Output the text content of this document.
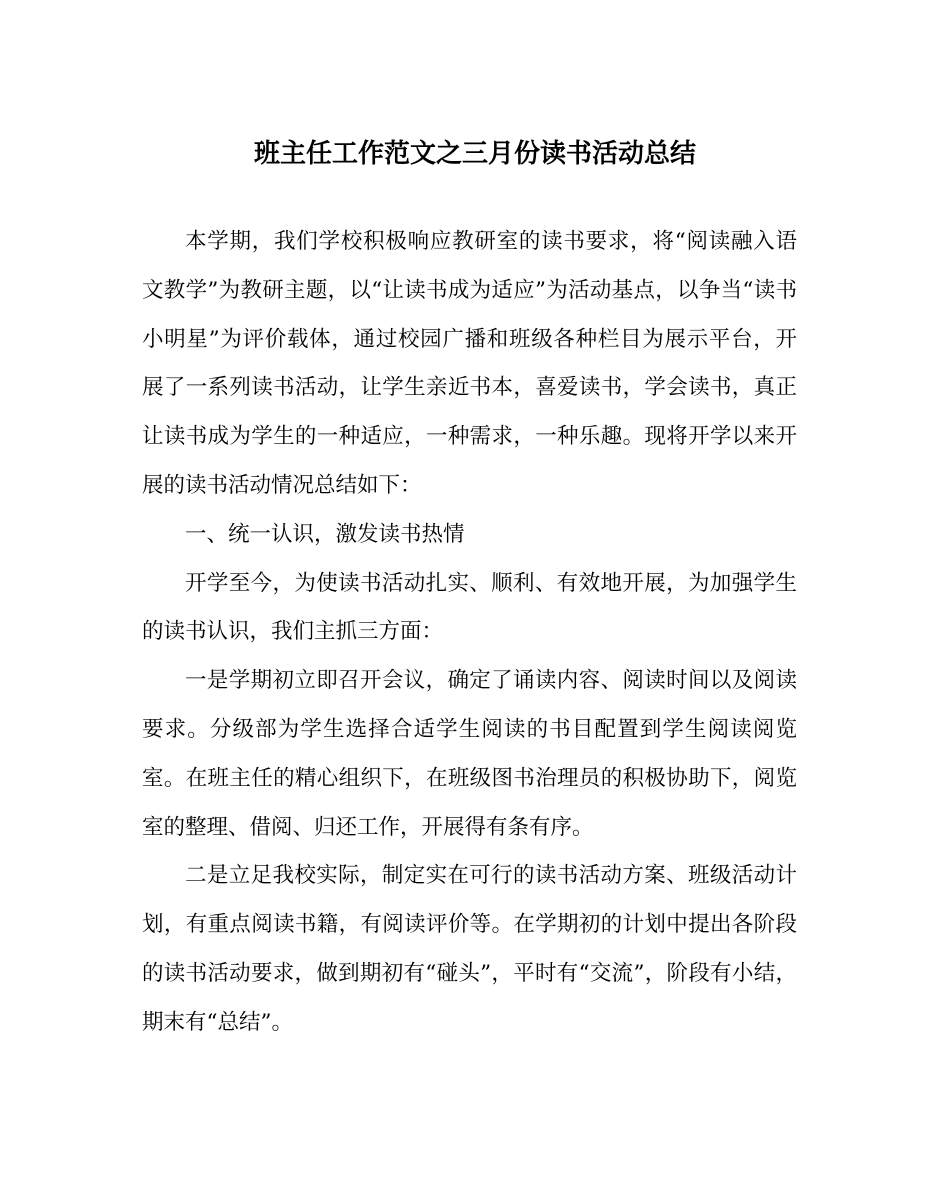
班主任工作范文之三月份读书活动总结

本学期，我们学校积极响应教研室的读书要求，将“阅读融入语文教学”为教研主题，以“让读书成为适应”为活动基点，以争当“读书小明星”为评价载体，通过校园广播和班级各种栏目为展示平台，开展了一系列读书活动，让学生亲近书本，喜爱读书，学会读书，真正让读书成为学生的一种适应，一种需求，一种乐趣。现将开学以来开展的读书活动情况总结如下：

一、统一认识，激发读书热情

开学至今，为使读书活动扎实、顺利、有效地开展，为加强学生的读书认识，我们主抓三方面：

一是学期初立即召开会议，确定了诵读内容、阅读时间以及阅读要求。分级部为学生选择合适学生阅读的书目配置到学生阅读阅览室。在班主任的精心组织下，在班级图书治理员的积极协助下，阅览室的整理、借阅、归还工作，开展得有条有序。

二是立足我校实际，制定实在可行的读书活动方案、班级活动计划，有重点阅读书籍，有阅读评价等。在学期初的计划中提出各阶段的读书活动要求，做到期初有“碰头”，平时有“交流”，阶段有小结，期末有“总结”。
